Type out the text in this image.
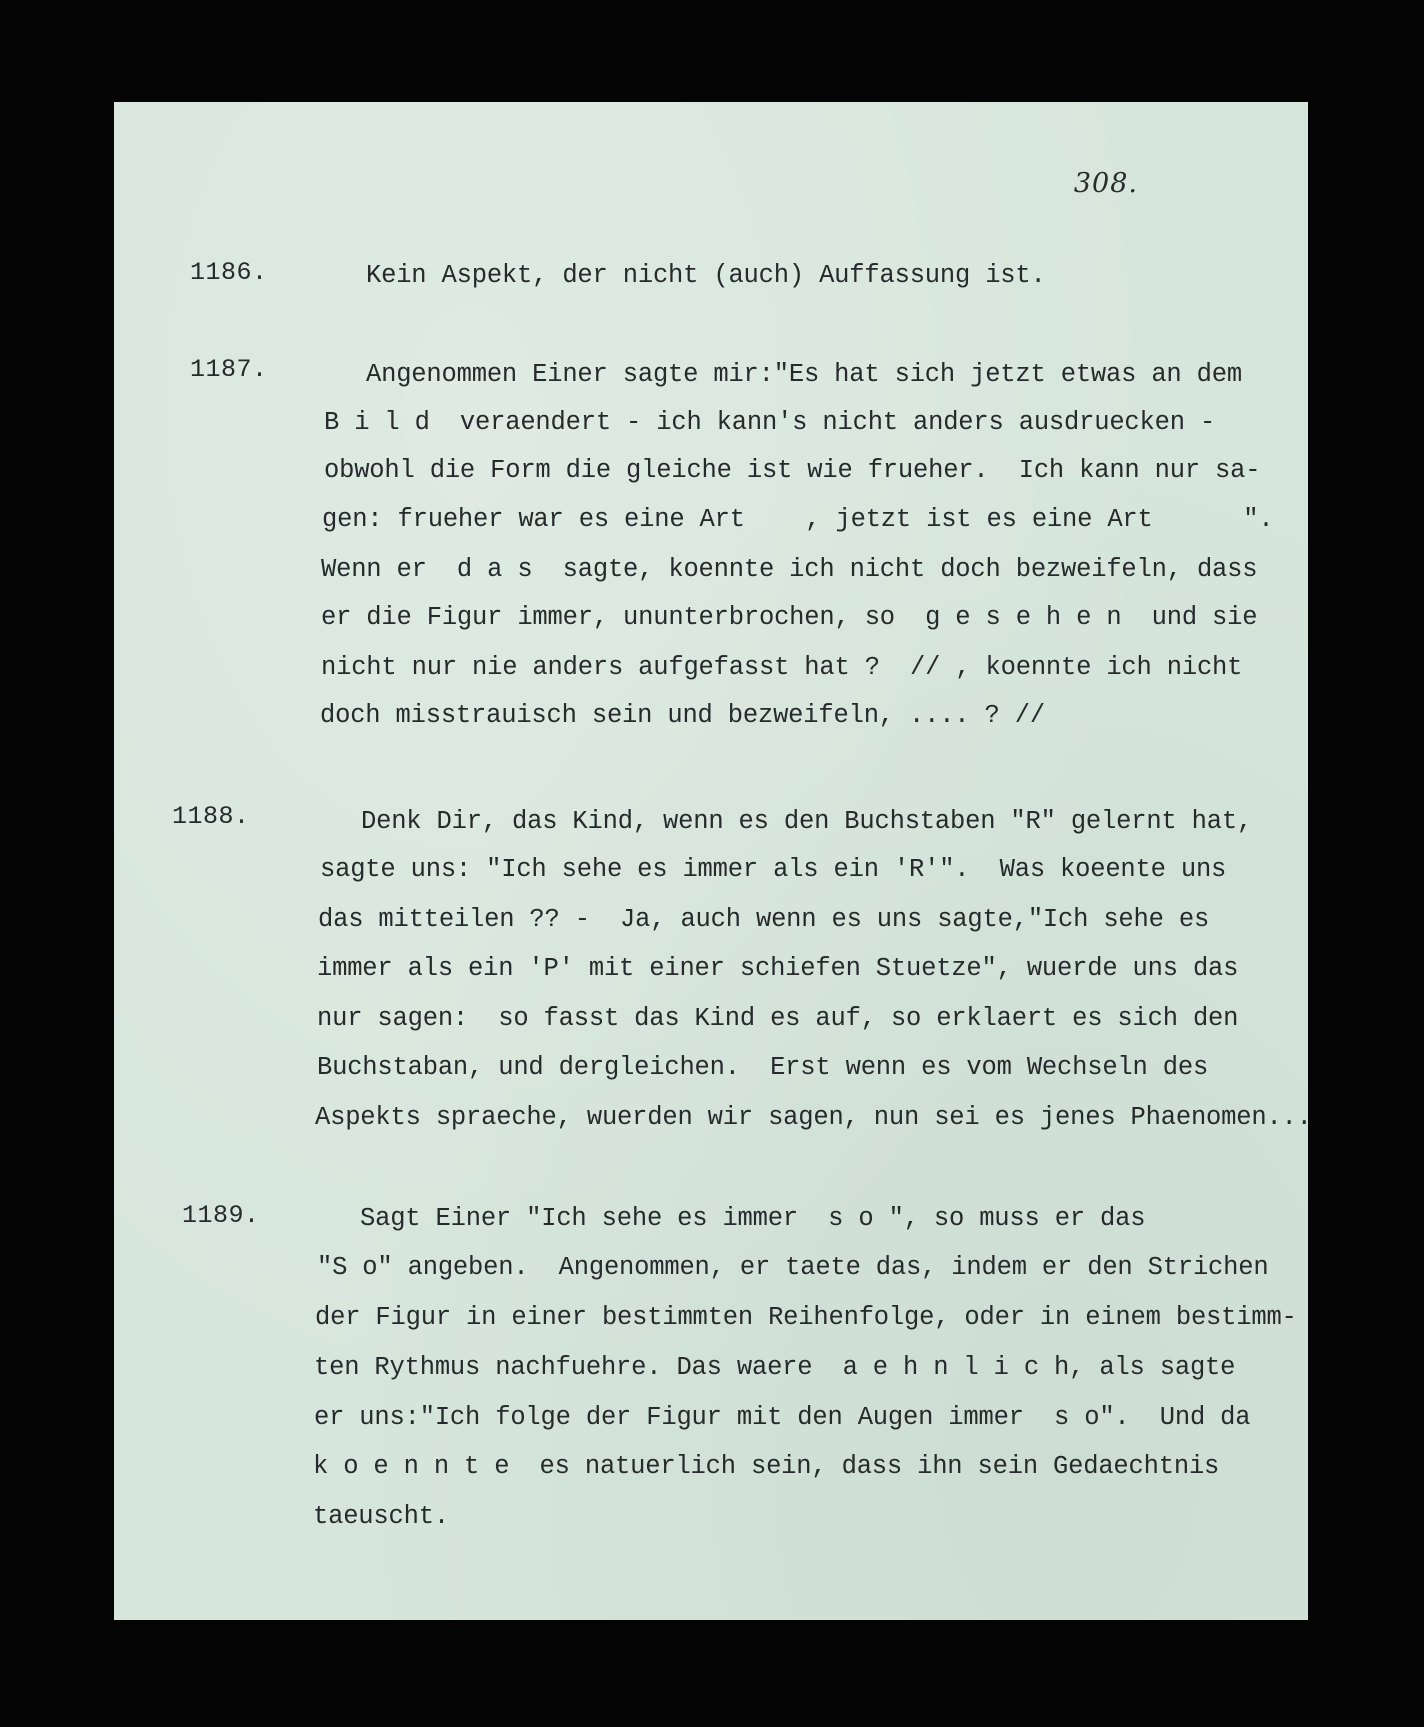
308.
1186.	Kein Aspekt, der nicht (auch) Auffassung ist.
1187.	Angenommen Einer sagte mir:"Es hat sich jetzt etwas an dem
B i l d  veraendert - ich kann's nicht anders ausdruecken -
obwohl die Form die gleiche ist wie frueher.  Ich kann nur sa-
gen: frueher war es eine Art    , jetzt ist es eine Art      ".
Wenn er  d a s  sagte, koennte ich nicht doch bezweifeln, dass
er die Figur immer, ununterbrochen, so  g e s e h e n  und sie
nicht nur nie anders aufgefasst hat ?  // , koennte ich nicht
doch misstrauisch sein und bezweifeln, .... ? //
1188.	Denk Dir, das Kind, wenn es den Buchstaben "R" gelernt hat,
sagte uns: "Ich sehe es immer als ein 'R'".  Was koeente uns
das mitteilen ?? -  Ja, auch wenn es uns sagte,"Ich sehe es
immer als ein 'P' mit einer schiefen Stuetze", wuerde uns das
nur sagen:  so fasst das Kind es auf, so erklaert es sich den
Buchstaban, und dergleichen.  Erst wenn es vom Wechseln des
Aspekts spraeche, wuerden wir sagen, nun sei es jenes Phaenomen...
1189.	Sagt Einer "Ich sehe es immer  s o ", so muss er das
"S o" angeben.  Angenommen, er taete das, indem er den Strichen
der Figur in einer bestimmten Reihenfolge, oder in einem bestimm-
ten Rythmus nachfuehre. Das waere  a e h n l i c h, als sagte
er uns:"Ich folge der Figur mit den Augen immer  s o".  Und da
k o e n n t e  es natuerlich sein, dass ihn sein Gedaechtnis
taeuscht.
